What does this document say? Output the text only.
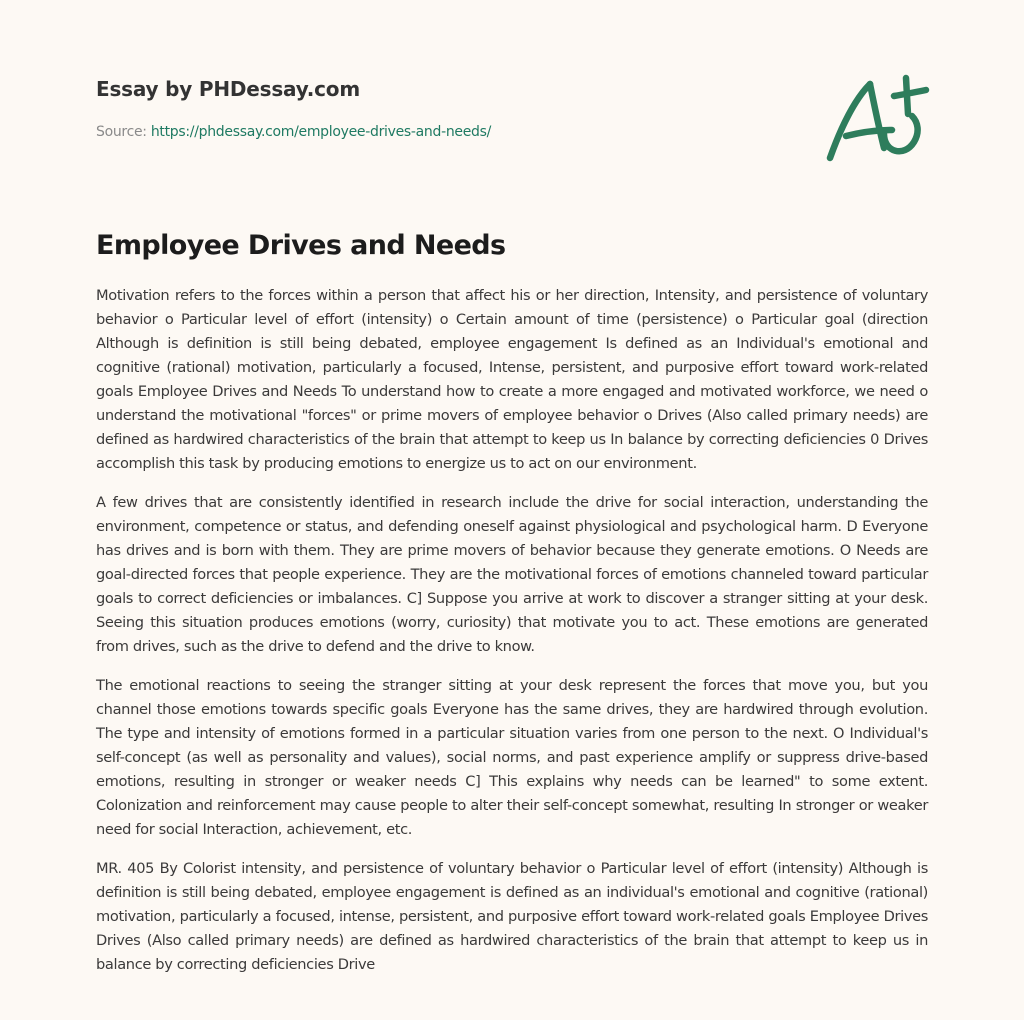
Essay by PHDessay.com
Source: https://phdessay.com/employee-drives-and-needs/
Employee Drives and Needs

Motivation refers to the forces within a person that affect his or her direction, Intensity, and persistence of voluntary behavior o Particular level of effort (intensity) o Certain amount of time (persistence) o Particular goal (direction Although is definition is still being debated, employee engagement Is defined as an Individual's emotional and cognitive (rational) motivation, particularly a focused, Intense, persistent, and purposive effort toward work-related goals Employee Drives and Needs To understand how to create a more engaged and motivated workforce, we need o understand the motivational "forces" or prime movers of employee behavior o Drives (Also called primary needs) are defined as hardwired characteristics of the brain that attempt to keep us In balance by correcting deficiencies 0 Drives accomplish this task by producing emotions to energize us to act on our environment.

A few drives that are consistently identified in research include the drive for social interaction, understanding the environment, competence or status, and defending oneself against physiological and psychological harm. D Everyone has drives and is born with them. They are prime movers of behavior because they generate emotions. O Needs are goal-directed forces that people experience. They are the motivational forces of emotions channeled toward particular goals to correct deficiencies or imbalances. C] Suppose you arrive at work to discover a stranger sitting at your desk. Seeing this situation produces emotions (worry, curiosity) that motivate you to act. These emotions are generated from drives, such as the drive to defend and the drive to know.

The emotional reactions to seeing the stranger sitting at your desk represent the forces that move you, but you channel those emotions towards specific goals Everyone has the same drives, they are hardwired through evolution. The type and intensity of emotions formed in a particular situation varies from one person to the next. O Individual's self-concept (as well as personality and values), social norms, and past experience amplify or suppress drive-based emotions, resulting in stronger or weaker needs C] This explains why needs can be learned" to some extent. Colonization and reinforcement may cause people to alter their self-concept somewhat, resulting In stronger or weaker need for social Interaction, achievement, etc.

MR. 405 By Colorist intensity, and persistence of voluntary behavior o Particular level of effort (intensity) Although is definition is still being debated, employee engagement is defined as an individual's emotional and cognitive (rational) motivation, particularly a focused, intense, persistent, and purposive effort toward work-related goals Employee Drives Drives (Also called primary needs) are defined as hardwired characteristics of the brain that attempt to keep us in balance by correcting deficiencies Drive
